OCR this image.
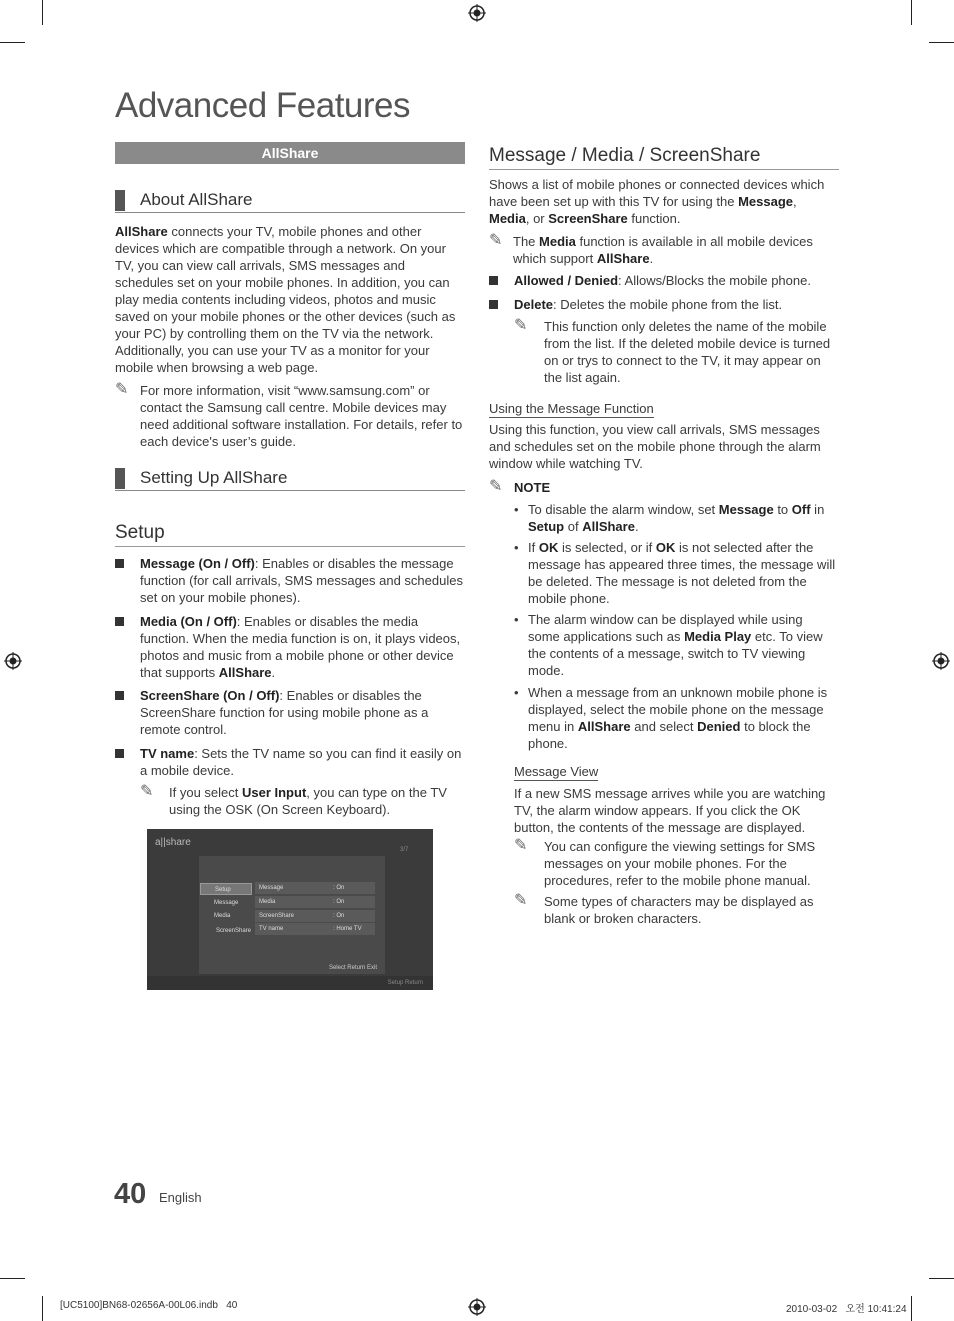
Advanced Features
AllShare
About AllShare

AllShare connects your TV, mobile phones and other devices which are compatible through a network. On your TV, you can view call arrivals, SMS messages and schedules set on your mobile phones. In addition, you can play media contents including videos, photos and music saved on your mobile phones or the other devices (such as your PC) by controlling them on the TV via the network. Additionally, you can use your TV as a monitor for your mobile when browsing a web page.

✎ For more information, visit “www.samsung.com” or contact the Samsung call centre. Mobile devices may need additional software installation. For details, refer to each device's user’s guide.

Setting Up AllShare
Setup

Message (On / Off): Enables or disables the message function (for call arrivals, SMS messages and schedules set on your mobile phones).

Media (On / Off): Enables or disables the media function. When the media function is on, it plays videos, photos and music from a mobile phone or other device that supports AllShare.

ScreenShare (On / Off): Enables or disables the ScreenShare function for using mobile phone as a remote control.

TV name: Sets the TV name so you can find it easily on a mobile device.

✎ If you select User Input, you can type on the TV using the OSK (On Screen Keyboard).

a||share
3/7
Setup
Message
Media
ScreenShare
Message	: On
Media	: On
ScreenShare	: On
TV name	: Home TV
Select Return Exit
Setup Return
Message / Media / ScreenShare

Shows a list of mobile phones or connected devices which have been set up with this TV for using the Message, Media, or ScreenShare function.

✎ The Media function is available in all mobile devices which support AllShare.

Allowed / Denied: Allows/Blocks the mobile phone.

Delete: Deletes the mobile phone from the list.

✎ This function only deletes the name of the mobile from the list. If the deleted mobile device is turned on or trys to connect to the TV, it may appear on the list again.

Using the Message Function

Using this function, you view call arrivals, SMS messages and schedules set on the mobile phone through the alarm window while watching TV.

✎ NOTE

• To disable the alarm window, set Message to Off in Setup of AllShare.

• If OK is selected, or if OK is not selected after the message has appeared three times, the message will be deleted. The message is not deleted from the mobile phone.

• The alarm window can be displayed while using some applications such as Media Play etc. To view the contents of a message, switch to TV viewing mode.

• When a message from an unknown mobile phone is displayed, select the mobile phone on the message menu in AllShare and select Denied to block the phone.

Message View

If a new SMS message arrives while you are watching TV, the alarm window appears. If you click the OK button, the contents of the message are displayed.

✎ You can configure the viewing settings for SMS messages on your mobile phones. For the procedures, refer to the mobile phone manual.

✎ Some types of characters may be displayed as blank or broken characters.

40 English
[UC5100]BN68-02656A-00L06.indb   40	2010-03-02   오전 10:41:24
